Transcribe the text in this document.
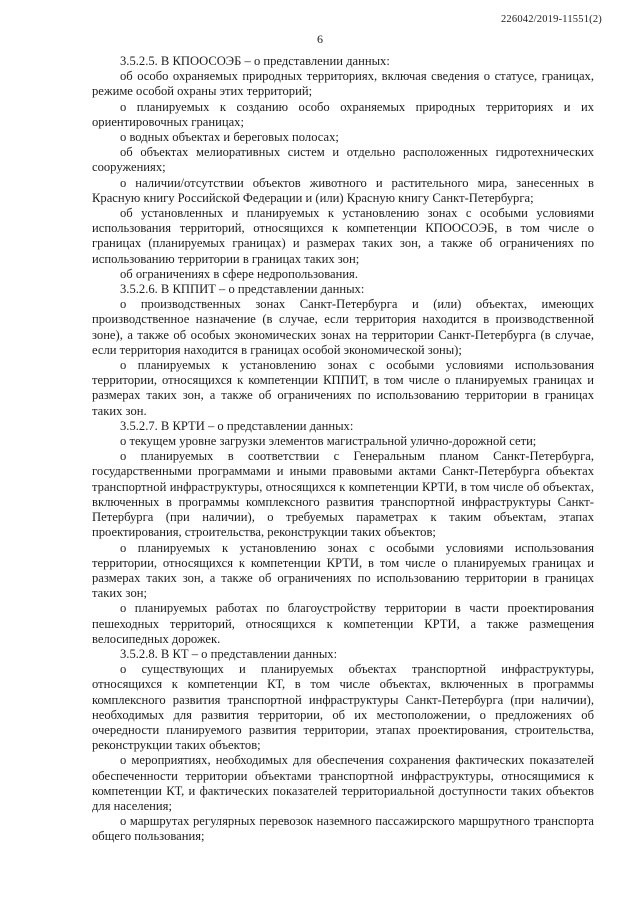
226042/2019-11551(2)
6

3.5.2.5. В КПООСОЭБ – о представлении данных:

об особо охраняемых природных территориях, включая сведения о статусе, границах, режиме особой охраны этих территорий;

о планируемых к созданию особо охраняемых природных территориях и их ориентировочных границах;

о водных объектах и береговых полосах;

об объектах мелиоративных систем и отдельно расположенных гидротехнических сооружениях;

о наличии/отсутствии объектов животного и растительного мира, занесенных в Красную книгу Российской Федерации и (или) Красную книгу Санкт-Петербурга;

об установленных и планируемых к установлению зонах с особыми условиями использования территорий, относящихся к компетенции КПООСОЭБ, в том числе о границах (планируемых границах) и размерах таких зон, а также об ограничениях по использованию территории в границах таких зон;

об ограничениях в сфере недропользования.

3.5.2.6. В КППИТ – о представлении данных:

о производственных зонах Санкт-Петербурга и (или) объектах, имеющих производственное назначение (в случае, если территория находится в производственной зоне), а также об особых экономических зонах на территории Санкт-Петербурга (в случае, если территория находится в границах особой экономической зоны);

о планируемых к установлению зонах с особыми условиями использования территории, относящихся к компетенции КППИТ, в том числе о планируемых границах и размерах таких зон, а также об ограничениях по использованию территории в границах таких зон.

3.5.2.7. В КРТИ – о представлении данных:

о текущем уровне загрузки элементов магистральной улично-дорожной сети;

о планируемых в соответствии с Генеральным планом Санкт-Петербурга, государственными программами и иными правовыми актами Санкт-Петербурга объектах транспортной инфраструктуры, относящихся к компетенции КРТИ, в том числе об объектах, включенных в программы комплексного развития транспортной инфраструктуры Санкт-Петербурга (при наличии), о требуемых параметрах к таким объектам, этапах проектирования, строительства, реконструкции таких объектов;

о планируемых к установлению зонах с особыми условиями использования территории, относящихся к компетенции КРТИ, в том числе о планируемых границах и размерах таких зон, а также об ограничениях по использованию территории в границах таких зон;

о планируемых работах по благоустройству территории в части проектирования пешеходных территорий, относящихся к компетенции КРТИ, а также размещения велосипедных дорожек.

3.5.2.8. В КТ – о представлении данных:

о существующих и планируемых объектах транспортной инфраструктуры, относящихся к компетенции КТ, в том числе объектах, включенных в программы комплексного развития транспортной инфраструктуры Санкт-Петербурга (при наличии), необходимых для развития территории, об их местоположении, о предложениях об очередности планируемого развития территории, этапах проектирования, строительства, реконструкции таких объектов;

о мероприятиях, необходимых для обеспечения сохранения фактических показателей обеспеченности территории объектами транспортной инфраструктуры, относящимися к компетенции КТ, и фактических показателей территориальной доступности таких объектов для населения;

о маршрутах регулярных перевозок наземного пассажирского маршрутного транспорта общего пользования;
